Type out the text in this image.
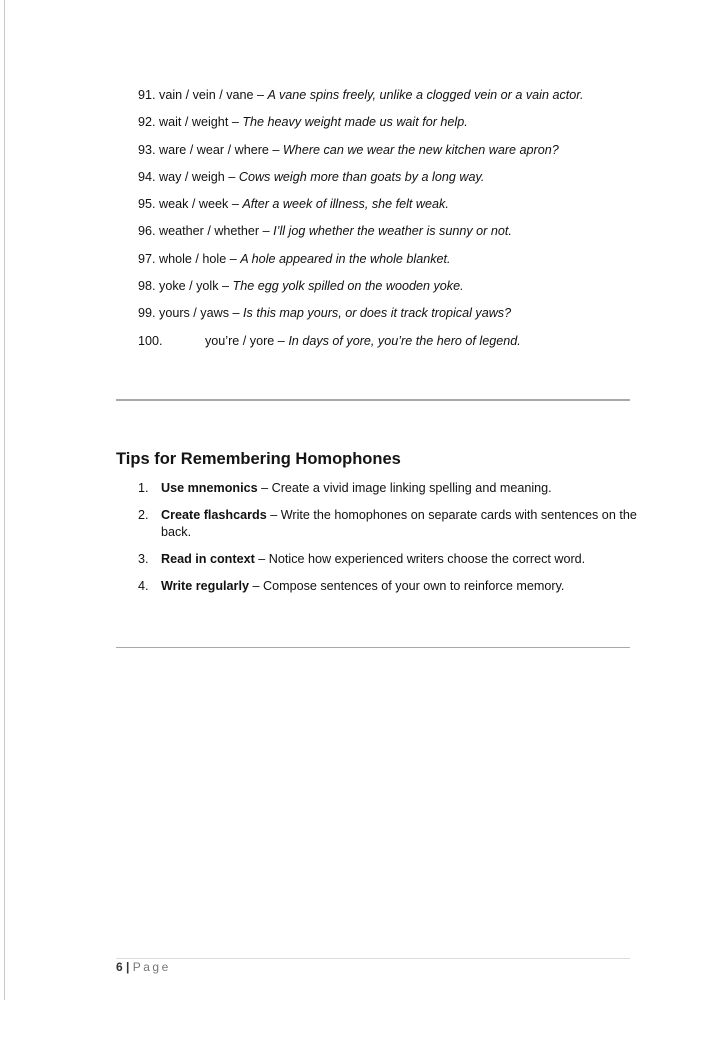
91. vain / vein / vane – A vane spins freely, unlike a clogged vein or a vain actor.
92. wait / weight – The heavy weight made us wait for help.
93. ware / wear / where – Where can we wear the new kitchen ware apron?
94. way / weigh – Cows weigh more than goats by a long way.
95. weak / week – After a week of illness, she felt weak.
96. weather / whether – I’ll jog whether the weather is sunny or not.
97. whole / hole – A hole appeared in the whole blanket.
98. yoke / yolk – The egg yolk spilled on the wooden yoke.
99. yours / yaws – Is this map yours, or does it track tropical yaws?
100.	you’re / yore – In days of yore, you’re the hero of legend.
Tips for Remembering Homophones
1. Use mnemonics – Create a vivid image linking spelling and meaning.
2. Create flashcards – Write the homophones on separate cards with sentences on the back.
3. Read in context – Notice how experienced writers choose the correct word.
4. Write regularly – Compose sentences of your own to reinforce memory.
6 | Page
